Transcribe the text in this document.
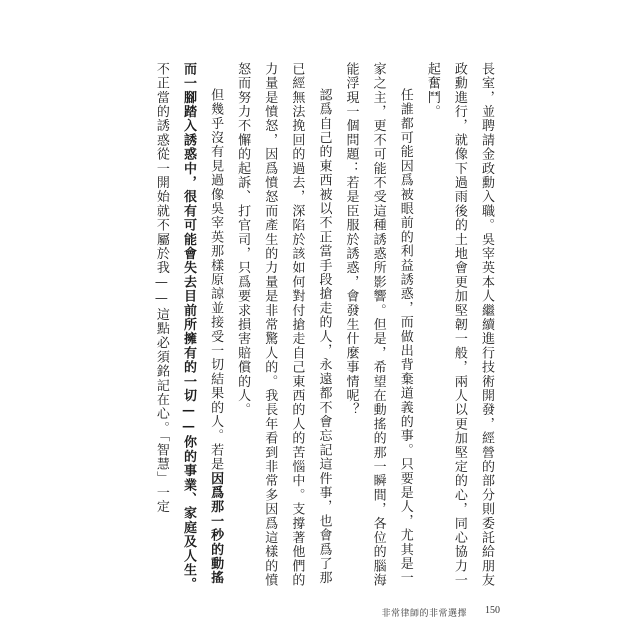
長室，並聘請金政勳入職。吳宰英本人繼續進行技術開發，經營的部分則委託給朋友政勳進行，就像下過雨後的土地會更加堅韌一般，兩人以更加堅定的心，同心協力一起奮鬥。

任誰都可能因爲被眼前的利益誘惑，而做出背棄道義的事。只要是人，尤其是一家之主，更不可能不受這種誘惑所影響。但是，希望在動搖的那一瞬間，各位的腦海能浮現一個問題：若是臣服於誘惑，會發生什麼事情呢？

認爲自己的東西被以不正當手段搶走的人，永遠都不會忘記這件事，也會爲了那已經無法挽回的過去，深陷於該如何對付搶走自己東西的人的苦惱中。支撐著他們的力量是憤怒，因爲憤怒而產生的力量是非常驚人的。我長年看到非常多因爲這樣的憤怒而努力不懈的起訴、打官司，只爲要求損害賠償的人。

但幾乎沒有見過像吳宰英那樣原諒並接受一切結果的人。若是因爲那一秒的動搖而一腳踏入誘惑中，很有可能會失去目前所擁有的一切——你的事業、家庭及人生。不正當的誘惑從一開始就不屬於我——這點必須銘記在心。「智慧」一定

非常律師的非常選擇 150
